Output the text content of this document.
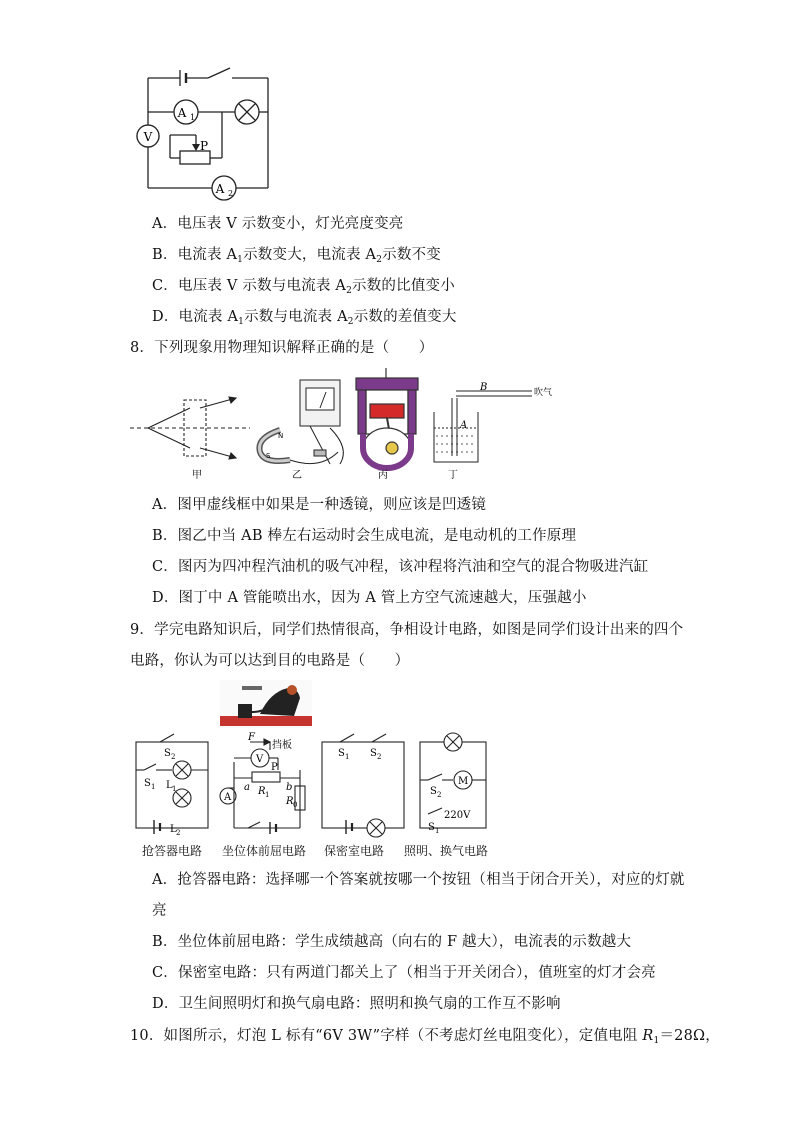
V
A 1
A 2
P
A．电压表 V 示数变小，灯光亮度变亮
B．电流表 $A_1$示数变大，电流表 $A_2$示数不变
C．电压表 V 示数与电流表 $A_2$示数的比值变小
D．电流表 $A_1$示数与电流表 $A_2$示数的差值变大
8．下列现象用物理知识解释正确的是（　　）
甲
N
S
乙	丙
B
A
吹气
丁
A．图甲虚线框中如果是一种透镜，则应该是凹透镜
B．图乙中当 AB 棒左右运动时会生成电流，是电动机的工作原理
C．图丙为四冲程汽油机的吸气冲程，该冲程将汽油和空气的混合物吸进汽缸
D．图丁中 A 管能喷出水，因为 A 管上方空气流速越大，压强越小
9．学完电路知识后，同学们热情很高，争相设计电路，如图是同学们设计出来的四个
电路，你认为可以达到目的电路是（　　）
S 2
S 1 L 1
L 2
F
挡板
V
P
A
a	b
R 1
R 0
S 1 S 2
M
S 2
220V
S 1
抢答器电路 坐位体前屈电路 保密室电路 照明、换气电路
A．抢答器电路：选择哪一个答案就按哪一个按钮（相当于闭合开关），对应的灯就
亮
B．坐位体前屈电路：学生成绩越高（向右的 F 越大），电流表的示数越大
C．保密室电路：只有两道门都关上了（相当于开关闭合），值班室的灯才会亮
D．卫生间照明灯和换气扇电路：照明和换气扇的工作互不影响
10．如图所示，灯泡 L 标有“6V 3W”字样（不考虑灯丝电阻变化），定值电阻 $R_1=28\Omega$，
